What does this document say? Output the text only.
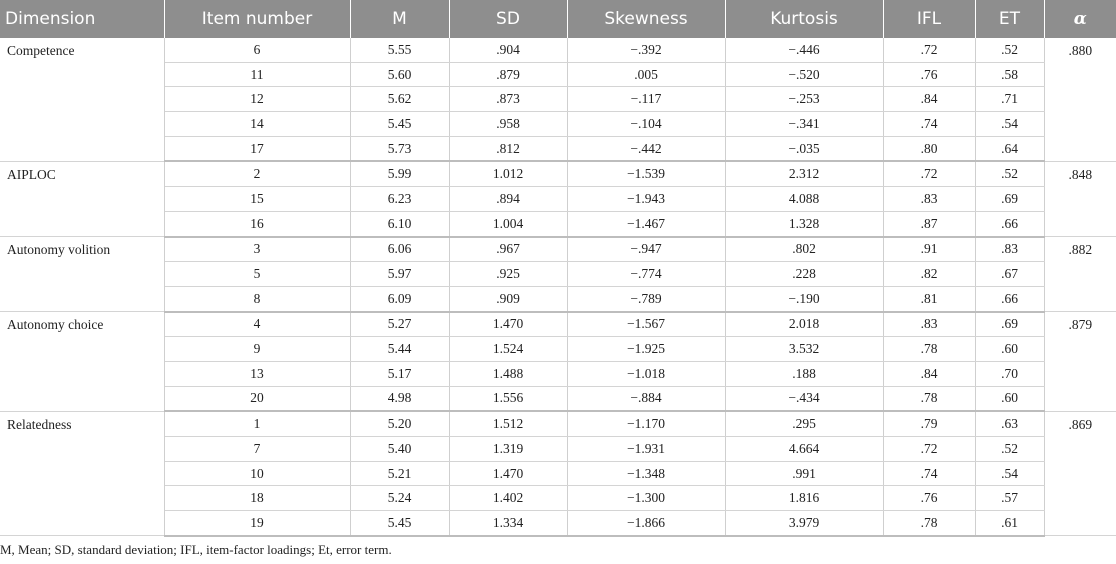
Dimension	Item number	M	SD	Skewness	Kurtosis	IFL	ET	α
Competence	6	5.55	.904	−.392	−.446	.72	.52	.880
	11	5.60	.879	.005	−.520	.76	.58	
	12	5.62	.873	−.117	−.253	.84	.71	
	14	5.45	.958	−.104	−.341	.74	.54	
	17	5.73	.812	−.442	−.035	.80	.64	
AIPLOC	2	5.99	1.012	−1.539	2.312	.72	.52	.848
	15	6.23	.894	−1.943	4.088	.83	.69	
	16	6.10	1.004	−1.467	1.328	.87	.66	
Autonomy volition	3	6.06	.967	−.947	.802	.91	.83	.882
	5	5.97	.925	−.774	.228	.82	.67	
	8	6.09	.909	−.789	−.190	.81	.66	
Autonomy choice	4	5.27	1.470	−1.567	2.018	.83	.69	.879
	9	5.44	1.524	−1.925	3.532	.78	.60	
	13	5.17	1.488	−1.018	.188	.84	.70	
	20	4.98	1.556	−.884	−.434	.78	.60	
Relatedness	1	5.20	1.512	−1.170	.295	.79	.63	.869
	7	5.40	1.319	−1.931	4.664	.72	.52	
	10	5.21	1.470	−1.348	.991	.74	.54	
	18	5.24	1.402	−1.300	1.816	.76	.57	
	19	5.45	1.334	−1.866	3.979	.78	.61	
M, Mean; SD, standard deviation; IFL, item-factor loadings; Et, error term.
